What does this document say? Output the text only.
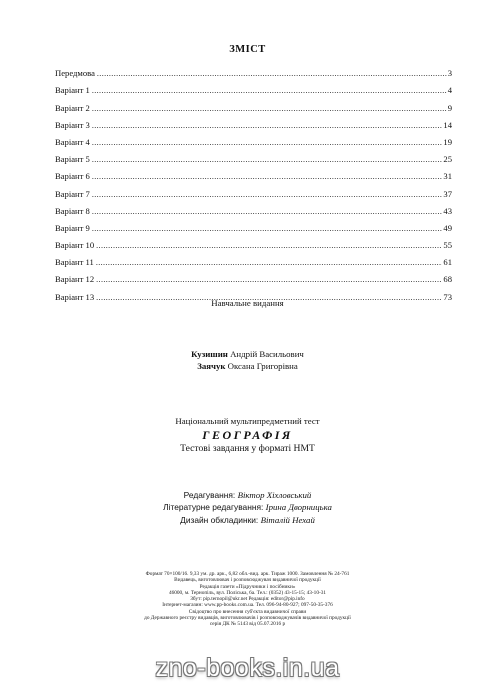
ЗМІСТ
Передмова .....	3
Варіант 1 .....	4
Варіант 2 .....	9
Варіант 3 .....	14
Варіант 4 .....	19
Варіант 5 .....	25
Варіант 6 .....	31
Варіант 7 .....	37
Варіант 8 .....	43
Варіант 9 .....	49
Варіант 10 .....	55
Варіант 11 .....	61
Варіант 12 .....	68
Варіант 13 .....	73
Навчальне видання
Кузишин Андрій Васильович
Заячук Оксана Григорівна
Національний мультипредметний тест
ГЕОГРАФІЯ
Тестові завдання у форматі НМТ
Редагування: Віктор Хіхловський
Літературне редагування: Ірина Дворницька
Дизайн обкладинки: Віталій Нехай
Формат 70×100/16. 9,33 ум. др. арк., 6,82 обл.-вид. арк. Тираж 1000. Замовлення № 24-761
Видавець, виготовлювач і розповсюджувач видавничої продукції
Редакція газети «Підручники і посібники»
46000, м. Тернопіль, вул. Поліська, 6а. Тел.: (0352) 43-15-15; 43-10-31
Збут: pip.ternopil@ukr.net Редакція: editor@pip.info
Інтернет-магазин: www.pp-books.com.ua. Тел. 096-94-80-927; 097-50-35-376
Свідоцтво про внесення суб'єкта видавничої справи
до Державного реєстру видавців, виготовлювачів і розповсюджувачів видавничої продукції
серія ДК № 5143 від 05.07.2016 р
zno-books.in.ua
